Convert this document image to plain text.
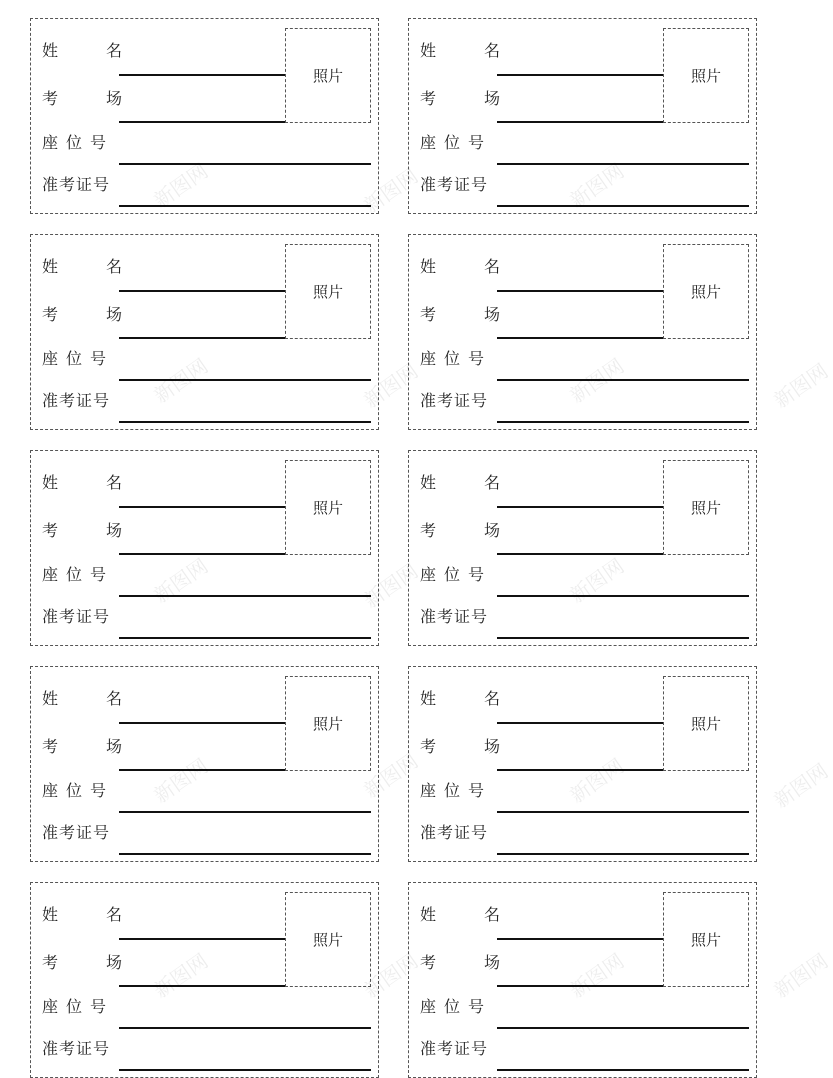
姓	名
考	场
座 位 号
准考证号
照片
姓	名
考	场
座 位 号
准考证号
照片
姓	名
考	场
座 位 号
准考证号
照片
姓	名
考	场
座 位 号
准考证号
照片
姓	名
考	场
座 位 号
准考证号
照片
姓	名
考	场
座 位 号
准考证号
照片
姓	名
考	场
座 位 号
准考证号
照片
姓	名
考	场
座 位 号
准考证号
照片
姓	名
考	场
座 位 号
准考证号
照片
姓	名
考	场
座 位 号
准考证号
照片
新图网
新图网	新图网
新图网
新图网	新图网
新图网	新图网
